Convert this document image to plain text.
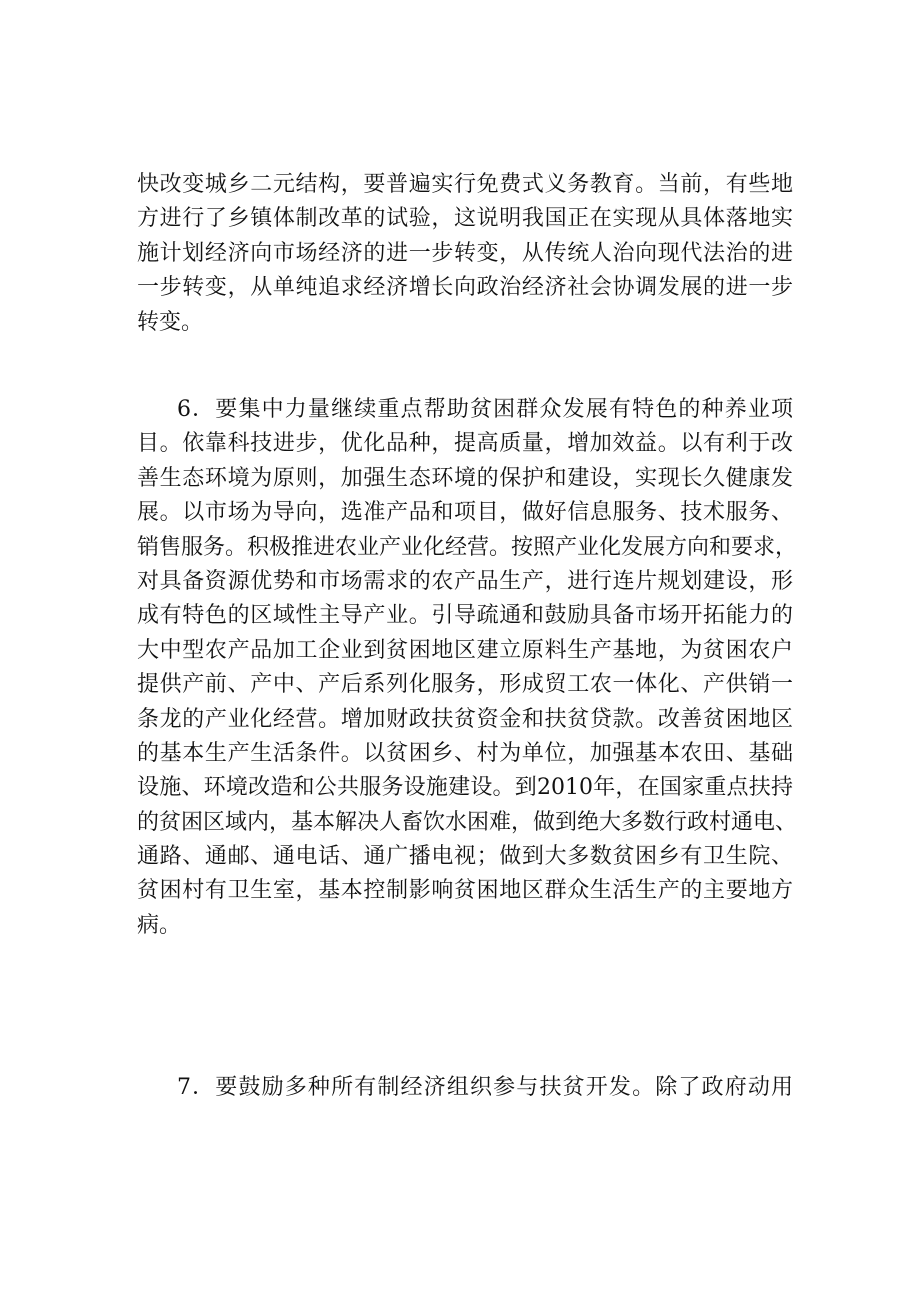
快改变城乡二元结构，要普遍实行免费式义务教育。当前，有些地
方进行了乡镇体制改革的试验，这说明我国正在实现从具体落地实
施计划经济向市场经济的进一步转变，从传统人治向现代法治的进
一步转变，从单纯追求经济增长向政治经济社会协调发展的进一步
转变。
6．要集中力量继续重点帮助贫困群众发展有特色的种养业项
目。依靠科技进步，优化品种，提高质量，增加效益。以有利于改
善生态环境为原则，加强生态环境的保护和建设，实现长久健康发
展。以市场为导向，选准产品和项目，做好信息服务、技术服务、
销售服务。积极推进农业产业化经营。按照产业化发展方向和要求，
对具备资源优势和市场需求的农产品生产，进行连片规划建设，形
成有特色的区域性主导产业。引导疏通和鼓励具备市场开拓能力的
大中型农产品加工企业到贫困地区建立原料生产基地，为贫困农户
提供产前、产中、产后系列化服务，形成贸工农一体化、产供销一
条龙的产业化经营。增加财政扶贫资金和扶贫贷款。改善贫困地区
的基本生产生活条件。以贫困乡、村为单位，加强基本农田、基础
设施、环境改造和公共服务设施建设。到2010年，在国家重点扶持
的贫困区域内，基本解决人畜饮水困难，做到绝大多数行政村通电、
通路、通邮、通电话、通广播电视；做到大多数贫困乡有卫生院、
贫困村有卫生室，基本控制影响贫困地区群众生活生产的主要地方
病。
7．要鼓励多种所有制经济组织参与扶贫开发。除了政府动用
